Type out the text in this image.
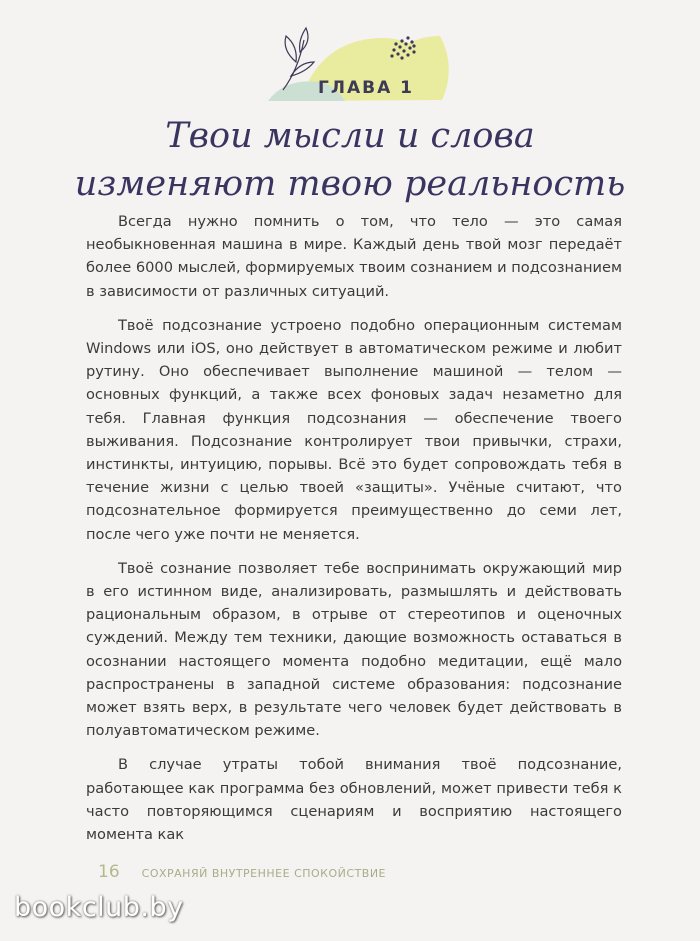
ГЛАВА 1
Твои мысли и слова
изменяют твою реальность

Всегда нужно помнить о том, что тело — это самая необыкновенная машина в мире. Каждый день твой мозг передаёт более 6000 мыслей, формируемых твоим сознанием и подсознанием в зависимости от различных ситуаций.

Твоё подсознание устроено подобно операционным системам Windows или iOS, оно действует в автоматическом режиме и любит рутину. Оно обеспечивает выполнение машиной — телом — основных функций, а также всех фоновых задач незаметно для тебя. Главная функция подсознания — обеспечение твоего выживания. Подсознание контролирует твои привычки, страхи, инстинкты, интуицию, порывы. Всё это будет сопровождать тебя в течение жизни с целью твоей «защиты». Учёные считают, что подсознательное формируется преимущественно до семи лет, после чего уже почти не меняется.

Твоё сознание позволяет тебе воспринимать окружающий мир в его истинном виде, анализировать, размышлять и действовать рациональным образом, в отрыве от стереотипов и оценочных суждений. Между тем техники, дающие возможность оставаться в осознании настоящего момента подобно медитации, ещё мало распространены в западной системе образования: подсознание может взять верх, в результате чего человек будет действовать в полуавтоматическом режиме.

В случае утраты тобой внимания твоё подсознание, работающее как программа без обновлений, может привести тебя к часто повторяющимся сценариям и восприятию настоящего момента как

16 СОХРАНЯЙ ВНУТРЕННЕЕ СПОКОЙСТВИЕ
bookclub.by
